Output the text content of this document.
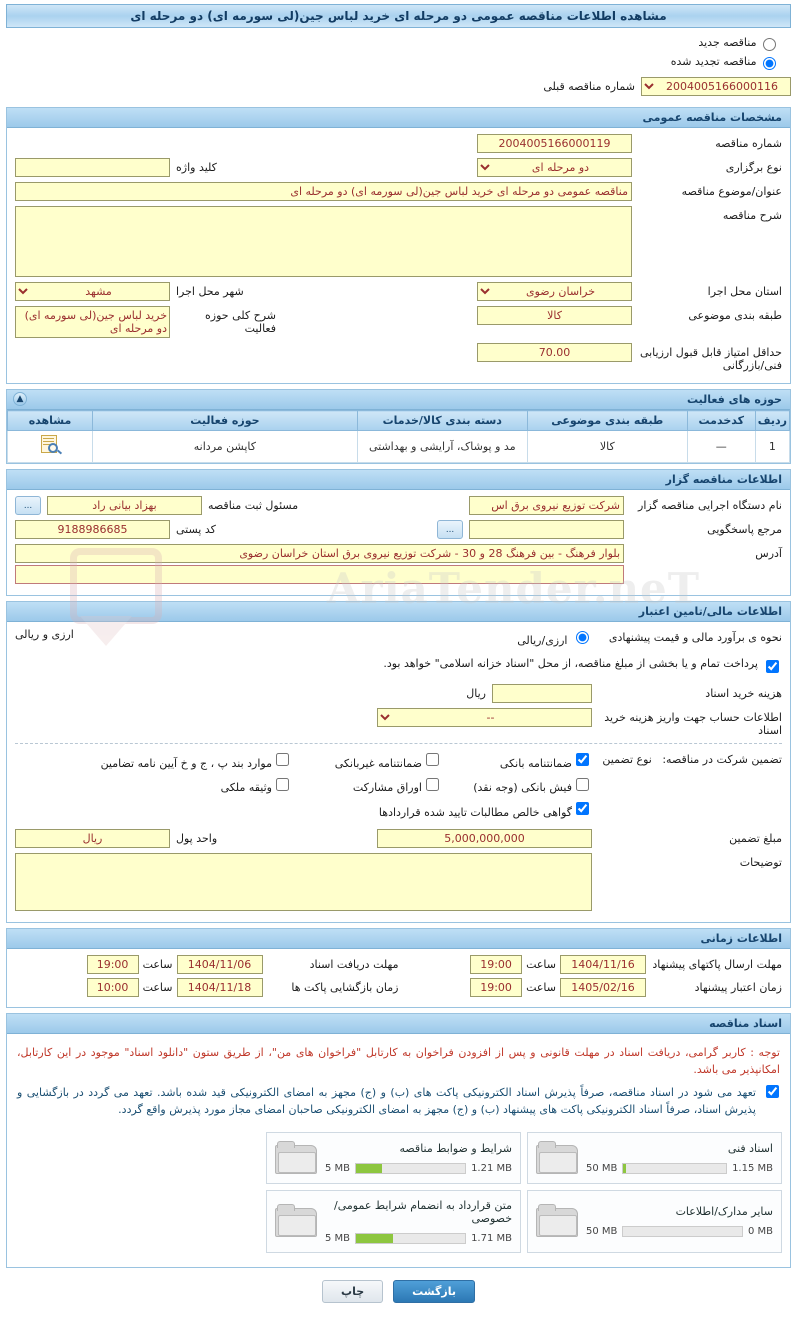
AriaTender.neT
مشاهده اطلاعات مناقصه عمومی دو مرحله ای خرید لباس جین(لی سورمه ای) دو مرحله ای
مناقصه جدید
مناقصه تجدید شده
2004005166000116
شماره مناقصه قبلی
مشخصات مناقصه عمومی
شماره مناقصه
2004005166000119
نوع برگزاری
دو مرحله ای
کلید واژه
عنوان/موضوع مناقصه
مناقصه عمومی دو مرحله ای خرید لباس جین(لی سورمه ای) دو مرحله ای
شرح مناقصه
استان محل اجرا
خراسان رضوی
شهر محل اجرا
مشهد
طبقه بندی موضوعی
کالا
شرح کلی حوزه فعالیت
خرید لباس جین(لی سورمه ای) دو مرحله ای
حداقل امتیاز قابل قبول ارزیابی فنی/بازرگانی
70.00
▲	حوزه های فعالیت
ردیف	کدخدمت	طبقه بندی موضوعی	دسته بندی کالا/خدمات	حوزه فعالیت	مشاهده
1	—	کالا	مد و پوشاک، آرایشی و بهداشتی	کاپشن مردانه	
اطلاعات مناقصه گزار
نام دستگاه اجرایی مناقصه گزار
شرکت توزیع نیروی برق اس
مسئول ثبت مناقصه
بهزاد بیانی راد
...
مرجع پاسخگویی
...
کد پستی
9188986685
آدرس
بلوار فرهنگ - بین فرهنگ 28 و 30 - شرکت توزیع نیروی برق استان خراسان رضوی
اطلاعات مالی/تامین اعتبار
نحوه ی برآورد مالی و قیمت پیشنهادی
ارزی/ریالی
ارزی و ریالی
پرداخت تمام و یا بخشی از مبلغ مناقصه، از محل "اسناد خزانه اسلامی" خواهد بود.
هزینه خرید اسناد
ریال
اطلاعات حساب جهت واریز هزینه خرید اسناد
--
تضمین شرکت در مناقصه:   نوع تضمین
ضمانتنامه بانکی
ضمانتنامه غیربانکی
موارد بند پ ، ج و خ آیین نامه تضامین
فیش بانکی (وجه نقد)
اوراق مشارکت
وثیقه ملکی
گواهی خالص مطالبات تایید شده قراردادها
مبلغ تضمین
5,000,000,000
واحد پول
ریال
توضیحات
اطلاعات زمانی
مهلت ارسال پاکتهای پیشنهاد
1404/11/16
ساعت
19:00
مهلت دریافت اسناد
1404/11/06
ساعت
19:00
زمان اعتبار پیشنهاد
1405/02/16
ساعت
19:00
زمان بازگشایی پاکت ها
1404/11/18
ساعت
10:00
اسناد مناقصه
توجه : کاربر گرامی، دریافت اسناد در مهلت قانونی و پس از افزودن فراخوان به کارتابل "فراخوان های من"، از طریق ستون "دانلود اسناد" موجود در این کارتابل، امکانپذیر می باشد.
تعهد می شود در اسناد مناقصه، صرفاً پذیرش اسناد الکترونیکی پاکت های (ب) و (ج) مجهز به امضای الکترونیکی قید شده باشد. تعهد می گردد در بازگشایی و پذیرش اسناد، صرفاً اسناد الکترونیکی پاکت های پیشنهاد (ب) و (ج) مجهز به امضای الکترونیکی صاحبان امضای مجاز مورد پذیرش واقع گردد.
اسناد فنی
50 MB	1.15 MB
شرایط و ضوابط مناقصه
5 MB	1.21 MB
سایر مدارک/اطلاعات
50 MB	0 MB
متن قرارداد به انضمام شرایط عمومی/خصوصی
5 MB	1.71 MB
بازگشت
چاپ
